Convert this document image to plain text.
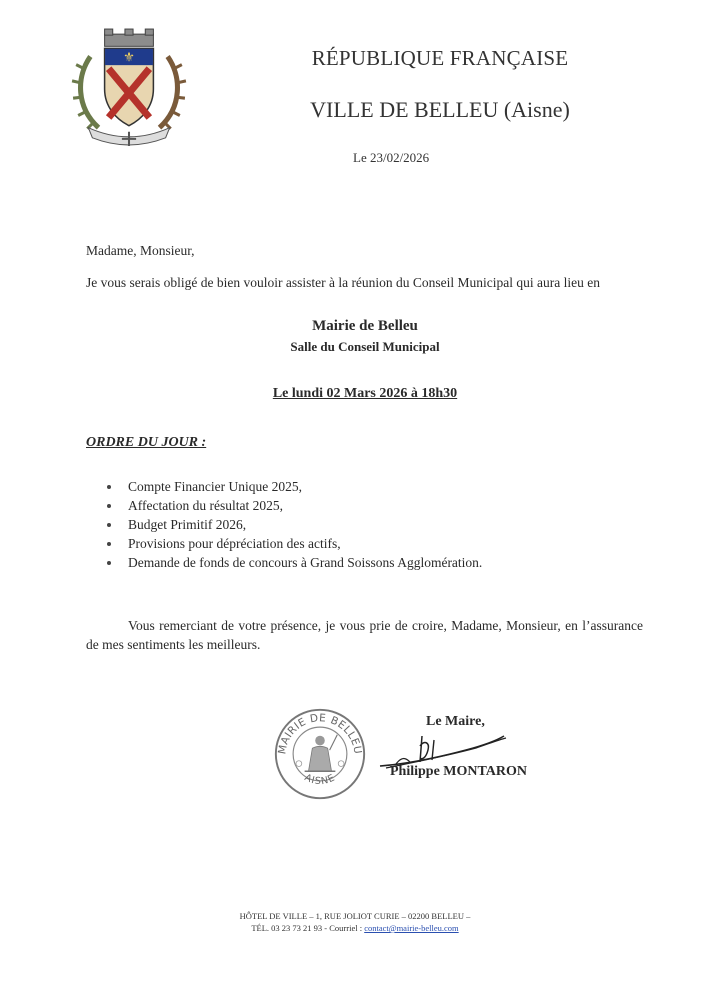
⚜	RÉPUBLIQUE FRANÇAISE
VILLE DE BELLEU (Aisne)
Le 23/02/2026
Madame, Monsieur,
Je vous serais obligé de bien vouloir assister à la réunion du Conseil Municipal qui aura lieu en
Mairie de Belleu
Salle du Conseil Municipal
Le lundi 02 Mars 2026 à 18h30
ORDRE DU JOUR :
Compte Financier Unique 2025,
Affectation du résultat 2025,
Budget Primitif 2026,
Provisions pour dépréciation des actifs,
Demande de fonds de concours à Grand Soissons Agglomération.
Vous remerciant de votre présence, je vous prie de croire, Madame, Monsieur, en l’assurance de mes sentiments les meilleurs.
MAIRIE DE BELLEU
AISNE
Le Maire,
Philippe MONTARON
HÔTEL DE VILLE – 1, RUE JOLIOT CURIE – 02200 BELLEU –
TÉL. 03 23 73 21 93 - Courriel : contact@mairie-belleu.com
